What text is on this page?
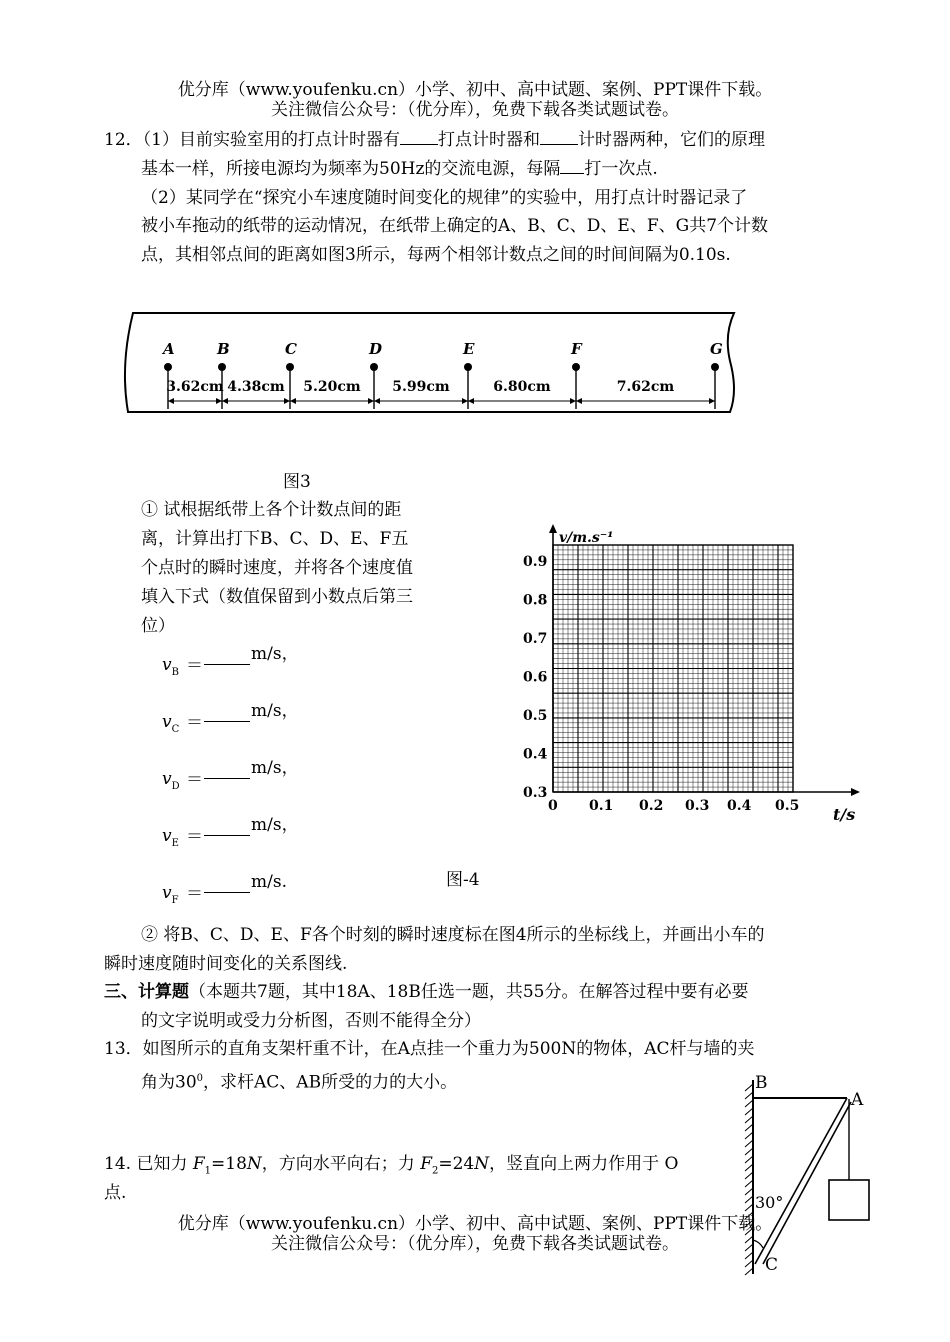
优分库（www.youfenku.cn）小学、初中、高中试题、案例、PPT课件下载。
关注微信公众号：（优分库），免费下载各类试题试卷。
12．（1）目前实验室用的打点计时器有 打点计时器和 计时器两种，它们的原理
基本一样，所接电源均为频率为50Hz的交流电源，每隔 打一次点.
（2）某同学在“探究小车速度随时间变化的规律”的实验中，用打点计时器记录了
被小车拖动的纸带的运动情况，在纸带上确定的A、B、C、D、E、F、G共7个计数
点，其相邻点间的距离如图3所示，每两个相邻计数点之间的时间间隔为0.10s.
A	B	C	D	E	F	G
3.62cm 4.38cm 5.20cm 5.99cm	6.80cm	7.62cm
图3
① 试根据纸带上各个计数点间的距
离，计算出打下B、C、D、E、F五
个点时的瞬时速度，并将各个速度值
填入下式（数值保留到小数点后第三
位）
m/s，
$v_B$ ＝
m/s，
$v_C$ ＝
m/s，
$v_D$ ＝
m/s，
$v_E$ ＝
m/s.
$v_F$ ＝
0.9
0.8
0.7
0.6
0.5
0.4
0.3
0 0.1 0.2 0.3 0.4 0.5
v/m.s⁻¹
t/s
图-4
② 将B、C、D、E、F各个时刻的瞬时速度标在图4所示的坐标线上，并画出小车的
瞬时速度随时间变化的关系图线.
三、计算题（本题共7题，其中18A、18B任选一题，共55分。在解答过程中要有必要
的文字说明或受力分析图，否则不能得全分）
13．如图所示的直角支架杆重不计，在A点挂一个重力为500N的物体，AC杆与墙的夹
角为$30^0$，求杆AC、AB所受的力的大小。	B
A
C
30°
14. 已知力 $F_1=18N$，方向水平向右；力 $F_2=24N$，竖直向上两力作用于 O
点.
优分库（www.youfenku.cn）小学、初中、高中试题、案例、PPT课件下载。
关注微信公众号：（优分库），免费下载各类试题试卷。
